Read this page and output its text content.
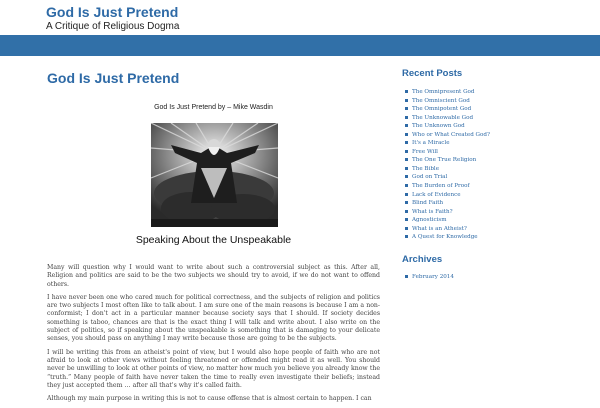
God Is Just Pretend

A Critique of Religious Dogma

God Is Just Pretend
God Is Just Pretend by – Mike Wasdin
Speaking About the Unspeakable

Many will question why I would want to write about such a controversial subject as this. After all, Religion and politics are said to be the two subjects we should try to avoid, if we do not want to offend others.

I have never been one who cared much for political correctness, and the subjects of religion and politics are two subjects I most often like to talk about. I am sure one of the main reasons is because I am a non-conformist; I don't act in a particular manner because society says that I should. If society decides something is taboo, chances are that is the exact thing I will talk and write about. I also write on the subject of politics, so if speaking about the unspeakable is something that is damaging to your delicate senses, you should pass on anything I may write because those are going to be the subjects.

I will be writing this from an atheist's point of view, but I would also hope people of faith who are not afraid to look at other views without feeling threatened or offended might read it as well. You should never be unwilling to look at other points of view, no matter how much you believe you already know the “truth.” Many people of faith have never taken the time to really even investigate their beliefs; instead they just accepted them … after all that's why it's called faith.

Although my main purpose in writing this is not to cause offense that is almost certain to happen. I can

Recent Posts
The Omnipresent God
The Omniscient God
The Omnipotent God
The Unknowable God
The Unknown God
Who or What Created God?
It's a Miracle
Free Will
The One True Religion
The Bible
God on Trial
The Burden of Proof
Lack of Evidence
Blind Faith
What is Faith?
Agnosticism
What is an Atheist?
A Quest for Knowledge
Archives
February 2014
